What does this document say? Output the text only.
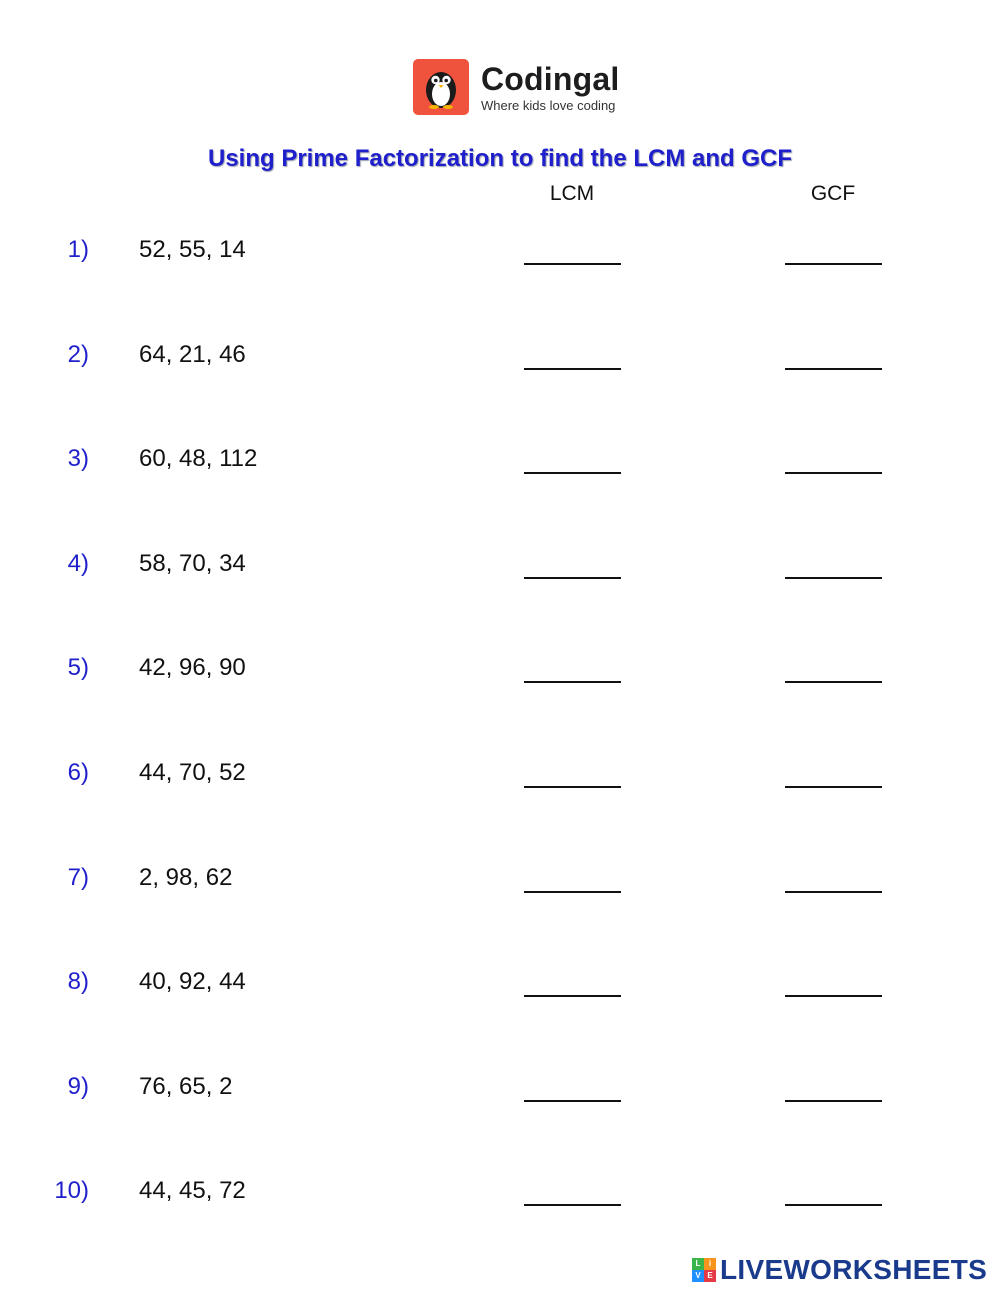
Codingal
Where kids love coding
Using Prime Factorization to find the LCM and GCF
LCM	GCF
1) 52, 55, 14
2) 64, 21, 46
3) 60, 48, 112
4) 58, 70, 34
5) 42, 96, 90
6) 44, 70, 52
7) 2, 98, 62
8) 40, 92, 44
9) 76, 65, 2
10) 44, 45, 72
L	i
V E LIVEWORKSHEETS
